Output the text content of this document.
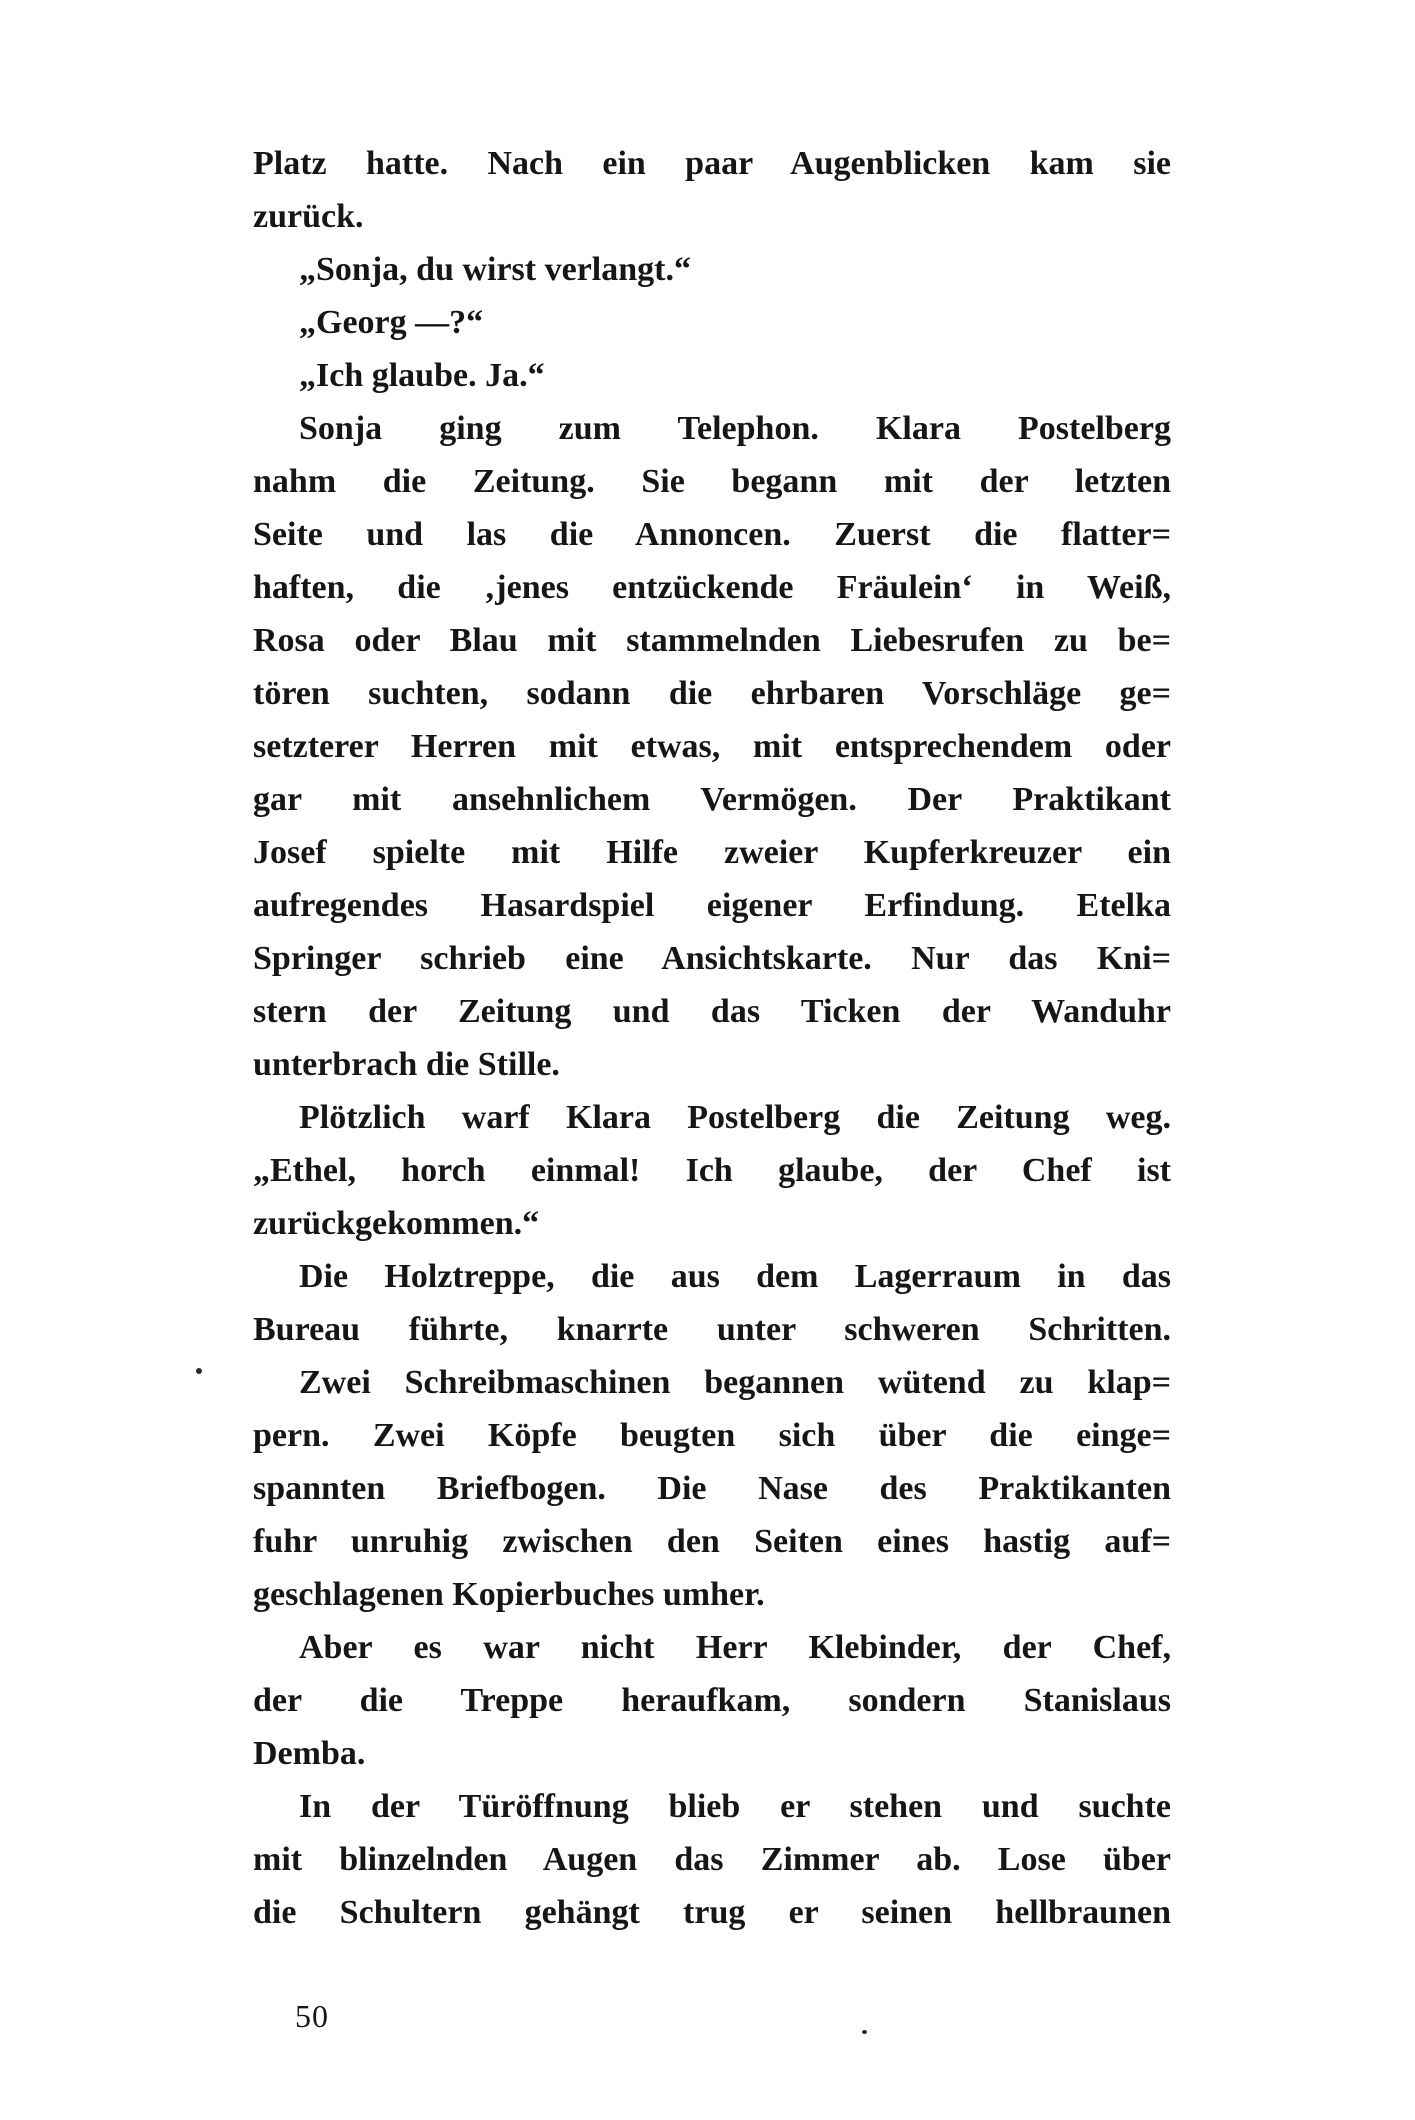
Platz hatte. Nach ein paar Augenblicken kam sie
zurück.
„Sonja, du wirst verlangt.“
„Georg —?“
„Ich glaube. Ja.“
Sonja ging zum Telephon. Klara Postelberg
nahm die Zeitung. Sie begann mit der letzten
Seite und las die Annoncen. Zuerst die flatter=
haften, die ‚jenes entzückende Fräulein‘ in Weiß,
Rosa oder Blau mit stammelnden Liebesrufen zu be=
tören suchten, sodann die ehrbaren Vorschläge ge=
setzterer Herren mit etwas, mit entsprechendem oder
gar mit ansehnlichem Vermögen. Der Praktikant
Josef spielte mit Hilfe zweier Kupferkreuzer ein
aufregendes Hasardspiel eigener Erfindung. Etelka
Springer schrieb eine Ansichtskarte. Nur das Kni=
stern der Zeitung und das Ticken der Wanduhr
unterbrach die Stille.
Plötzlich warf Klara Postelberg die Zeitung weg.
„Ethel, horch einmal! Ich glaube, der Chef ist
zurückgekommen.“
Die Holztreppe, die aus dem Lagerraum in das
Bureau führte, knarrte unter schweren Schritten.
Zwei Schreibmaschinen begannen wütend zu klap=
pern. Zwei Köpfe beugten sich über die einge=
spannten Briefbogen. Die Nase des Praktikanten
fuhr unruhig zwischen den Seiten eines hastig auf=
geschlagenen Kopierbuches umher.
Aber es war nicht Herr Klebinder, der Chef,
der die Treppe heraufkam, sondern Stanislaus
Demba.
In der Türöffnung blieb er stehen und suchte
mit blinzelnden Augen das Zimmer ab. Lose über
die Schultern gehängt trug er seinen hellbraunen
50
